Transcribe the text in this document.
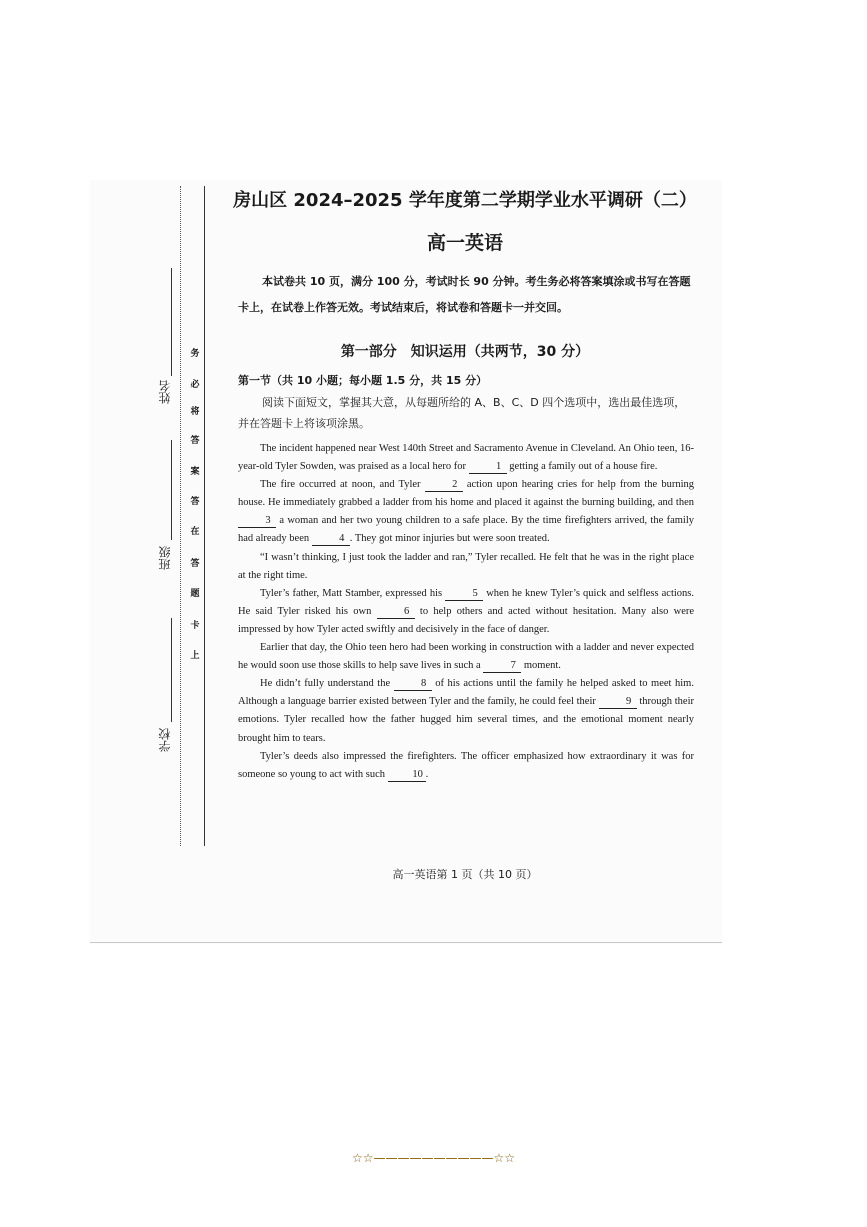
姓名
班级
学校
务
必
将
答
案
答
在
答
题
卡
上
房山区 2024–2025 学年度第二学期学业水平调研（二）
高一英语
本试卷共 10 页，满分 100 分，考试时长 90 分钟。考生务必将答案填涂或书写在答题卡上，在试卷上作答无效。考试结束后，将试卷和答题卡一并交回。
第一部分　知识运用（共两节，30 分）
第一节（共 10 小题；每小题 1.5 分，共 15 分）
阅读下面短文，掌握其大意，从每题所给的 A、B、C、D 四个选项中，选出最佳选项，并在答题卡上将该项涂黑。

The incident happened near West 140th Street and Sacramento Avenue in Cleveland. An Ohio teen, 16-year-old Tyler Sowden, was praised as a local hero for	1 getting a family out of a house fire.

The fire occurred at noon, and Tyler	2 action upon hearing cries for help from the burning house. He immediately grabbed a ladder from his home and placed it against the burning building, and then 3 a woman and her two young children to a safe place. By the time firefighters arrived, the family had already been	4 . They got minor injuries but were soon treated.

“I wasn’t thinking, I just took the ladder and ran,” Tyler recalled. He felt that he was in the right place at the right time.

Tyler’s father, Matt Stamber, expressed his	5 when he knew Tyler’s quick and selfless actions. He said Tyler risked his own	6 to help others and acted without hesitation. Many also were impressed by how Tyler acted swiftly and decisively in the face of danger.

Earlier that day, the Ohio teen hero had been working in construction with a ladder and never expected he would soon use those skills to help save lives in such a	7 moment.

He didn’t fully understand the	8 of his actions until the family he helped asked to meet him. Although a language barrier existed between Tyler and the family, he could feel their	9 through their emotions. Tyler recalled how the father hugged him several times, and the emotional moment nearly brought him to tears.

Tyler’s deeds also impressed the firefighters. The officer emphasized how extraordinary it was for someone so young to act with such 10 .

高一英语第 1 页（共 10 页）
☆☆——————————☆☆
